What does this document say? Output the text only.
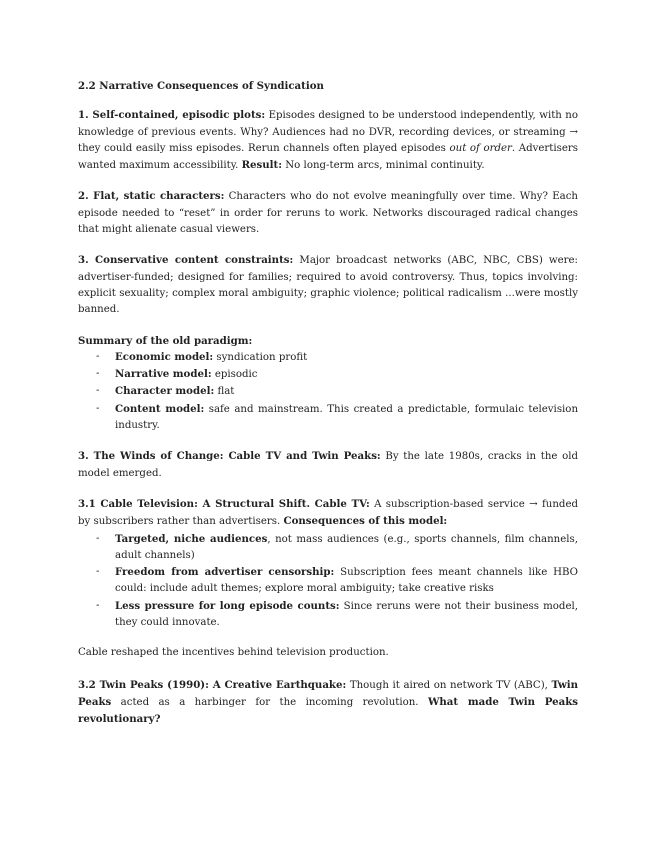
2.2 Narrative Consequences of Syndication

1. Self-contained, episodic plots: Episodes designed to be understood independently, with no knowledge of previous events. Why? Audiences had no DVR, recording devices, or streaming → they could easily miss episodes. Rerun channels often played episodes out of order. Advertisers wanted maximum accessibility. Result: No long-term arcs, minimal continuity.

2. Flat, static characters: Characters who do not evolve meaningfully over time. Why? Each episode needed to “reset” in order for reruns to work. Networks discouraged radical changes that might alienate casual viewers.

3. Conservative content constraints: Major broadcast networks (ABC, NBC, CBS) were: advertiser-funded; designed for families; required to avoid controversy. Thus, topics involving: explicit sexuality; complex moral ambiguity; graphic violence; political radicalism ...were mostly banned.

Summary of the old paradigm:

- Economic model: syndication profit
- Narrative model: episodic
- Character model: flat
- Content model: safe and mainstream. This created a predictable, formulaic television industry.

3. The Winds of Change: Cable TV and Twin Peaks: By the late 1980s, cracks in the old model emerged.

3.1 Cable Television: A Structural Shift. Cable TV: A subscription-based service → funded by subscribers rather than advertisers. Consequences of this model:

- Targeted, niche audiences, not mass audiences (e.g., sports channels, film channels, adult channels)
- Freedom from advertiser censorship: Subscription fees meant channels like HBO could: include adult themes; explore moral ambiguity; take creative risks
- Less pressure for long episode counts: Since reruns were not their business model, they could innovate.

Cable reshaped the incentives behind television production.

3.2 Twin Peaks (1990): A Creative Earthquake: Though it aired on network TV (ABC), Twin Peaks acted as a harbinger for the incoming revolution. What made Twin Peaks revolutionary?
